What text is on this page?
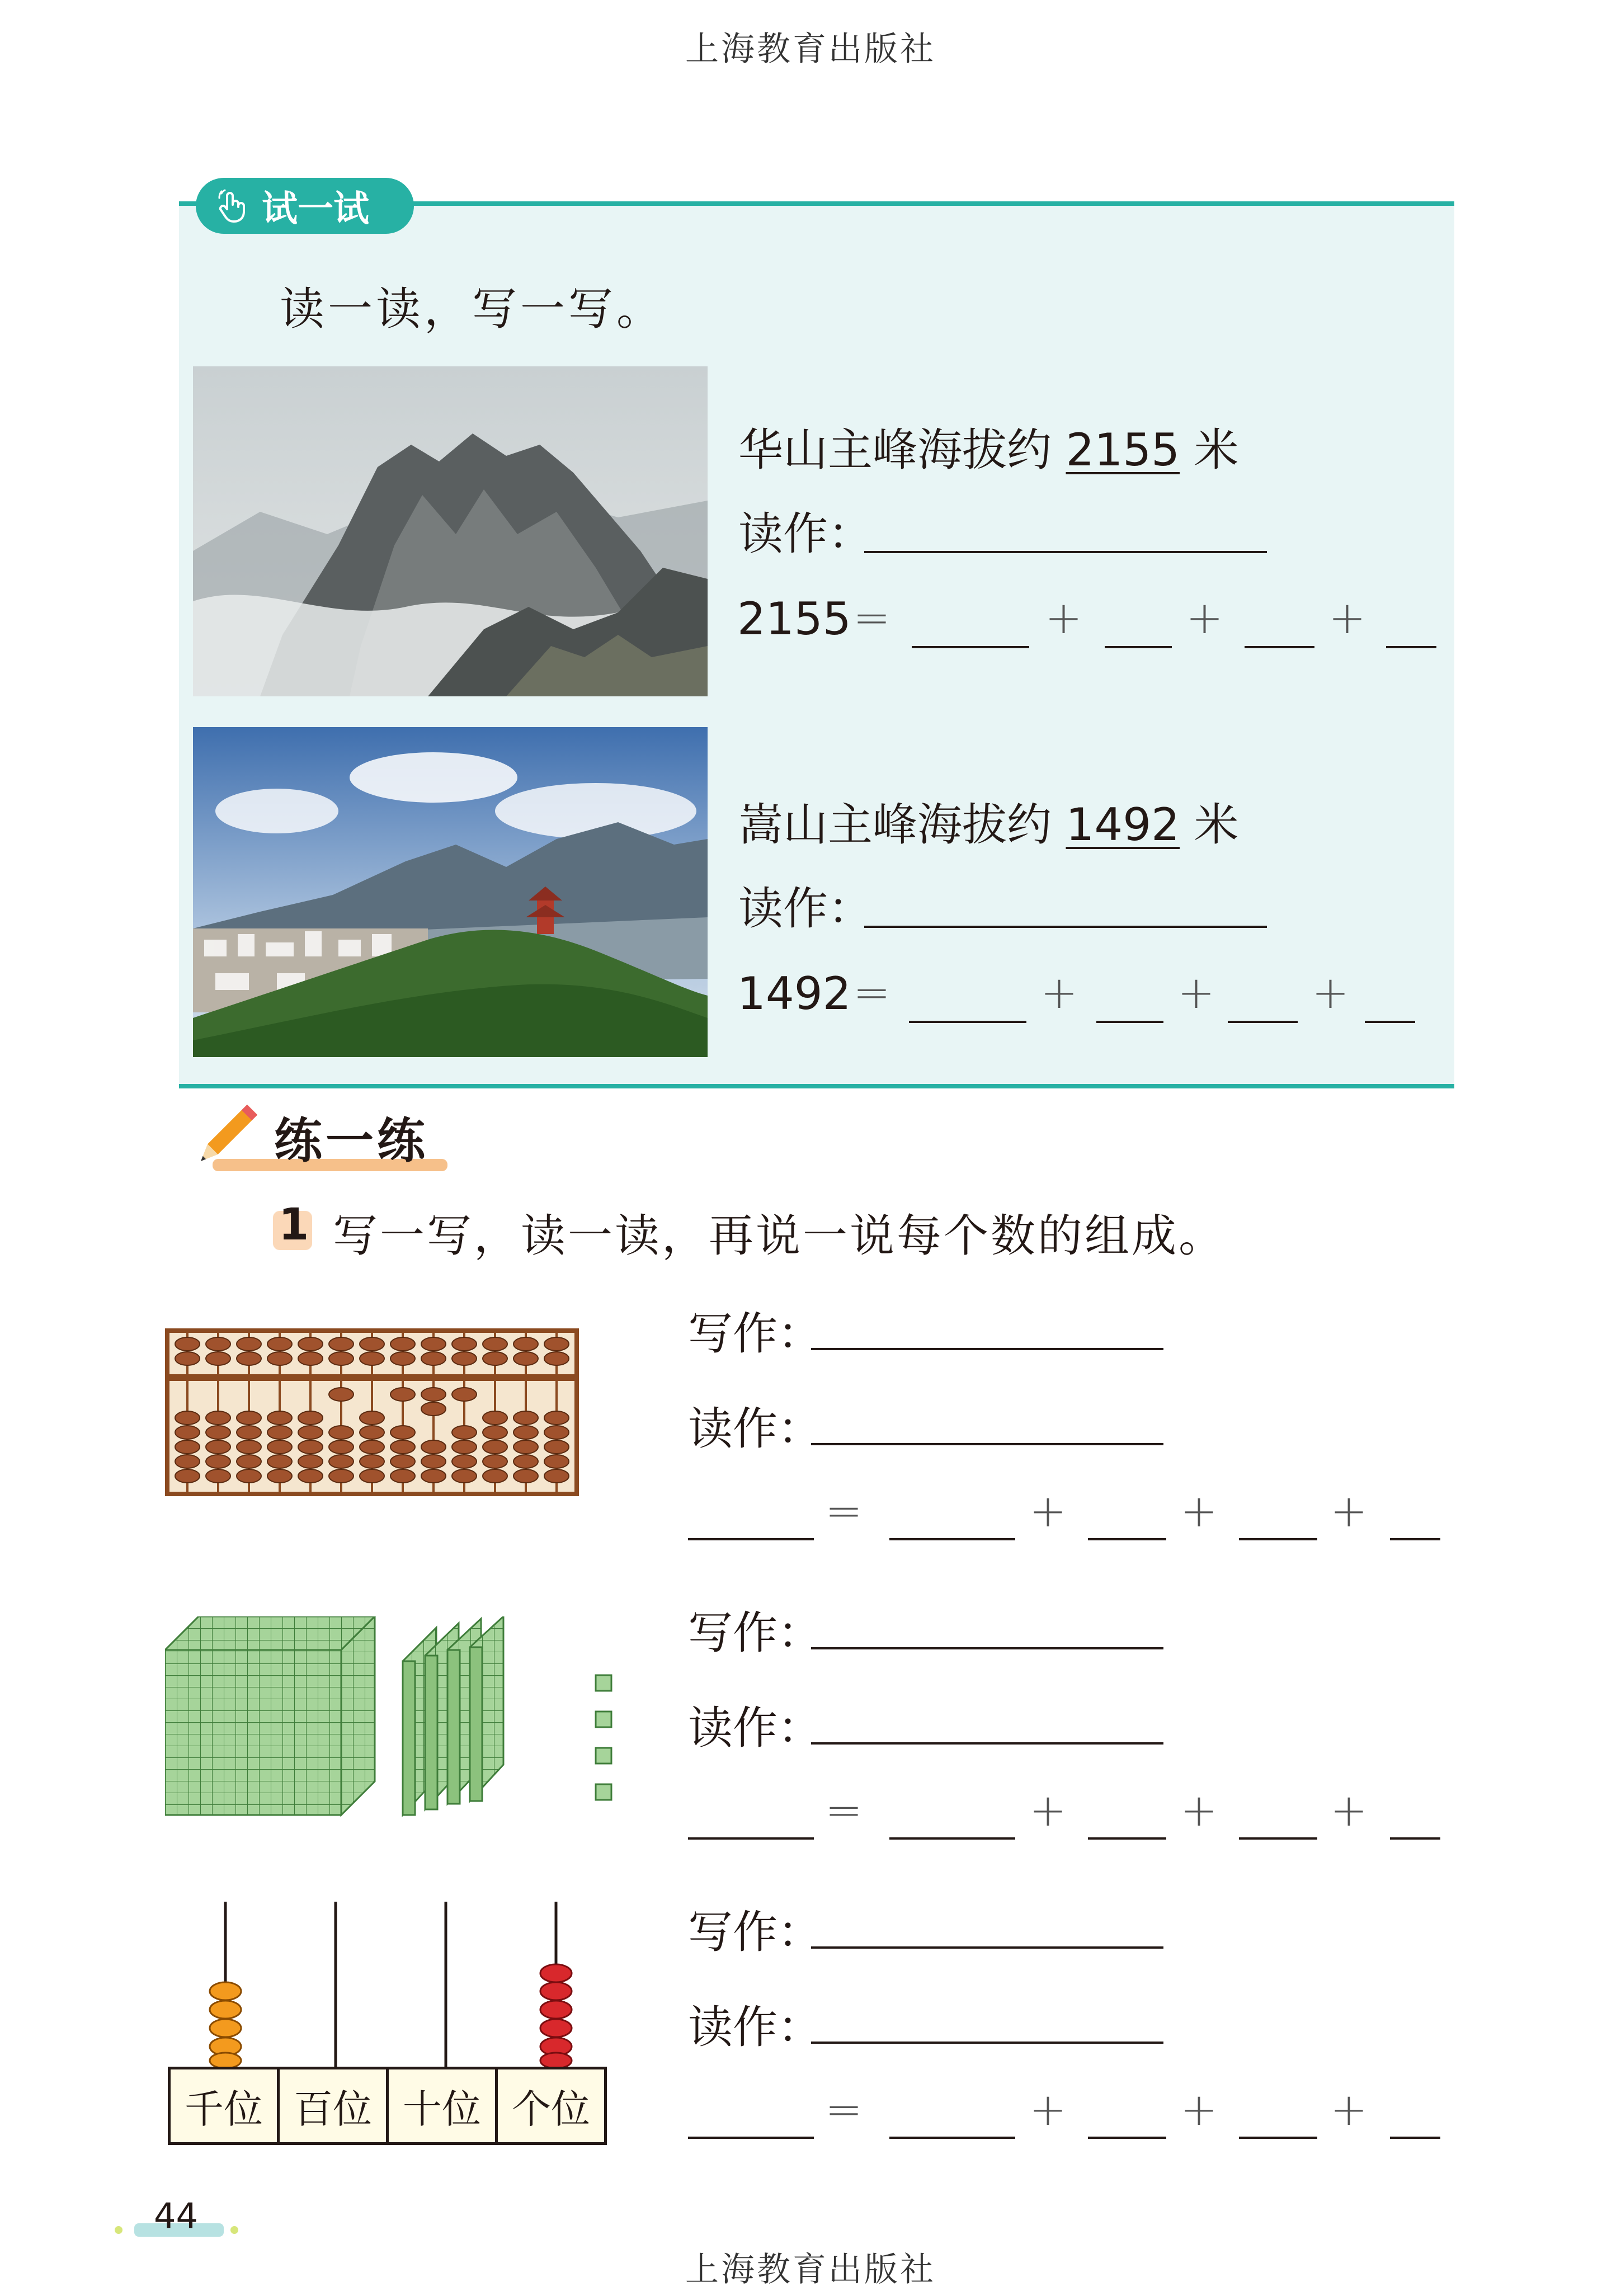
上海教育出版社
试一试
读一读，写一写。
华山主峰海拔约 2155 米
读作：
2155 =	+ + +
嵩山主峰海拔约 1492 米
读作：
1492 =	+ + +
练一练
1 写一写，读一读，再说一说每个数的组成。
写作：
读作：
=	+	+	+
写作：
读作：
=	+	+	+
千位 百位 十位 个位
写作：
读作：
=	+	+	+
44
上海教育出版社
